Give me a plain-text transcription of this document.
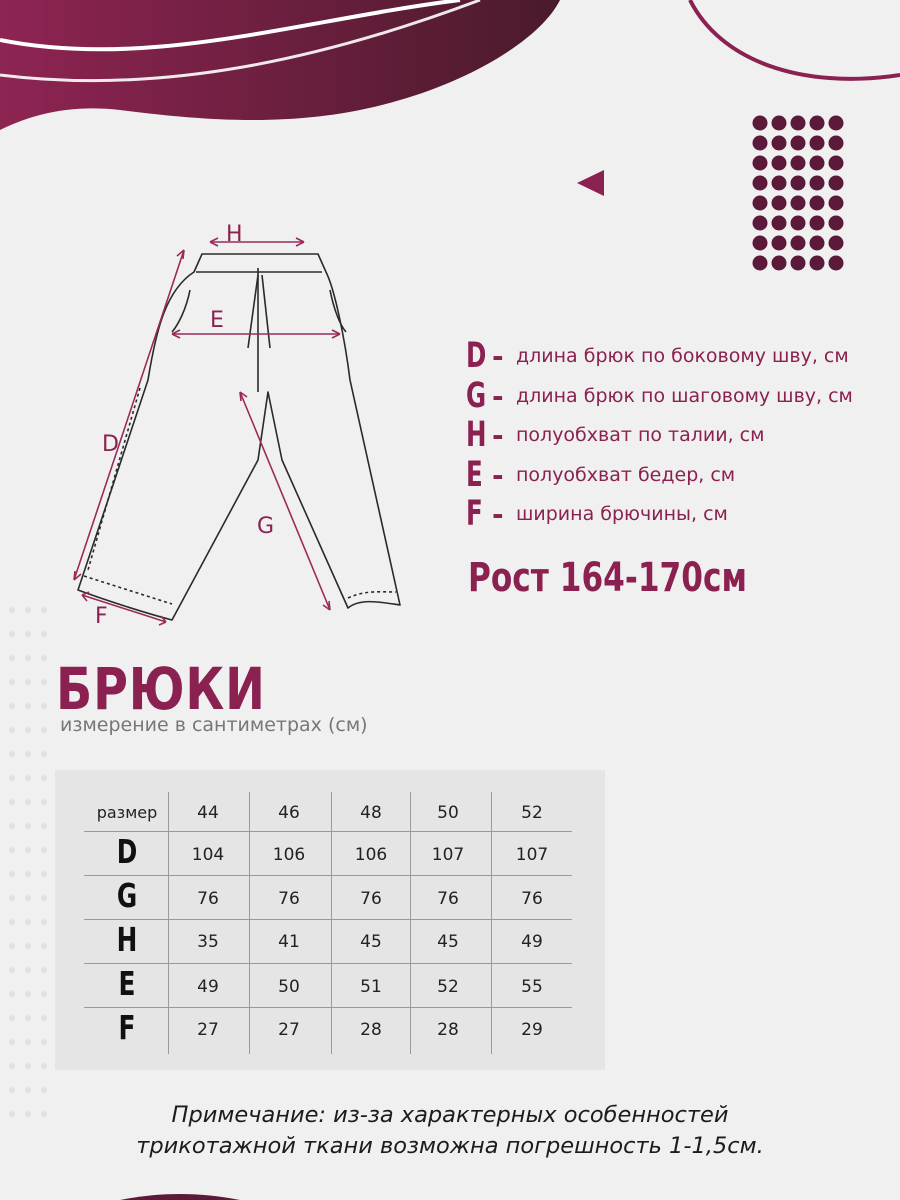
H
E
D
G
F
D - длина брюк по боковому шву, см
G - длина брюк по шаговому шву, см
H - полуобхват по талии, см
E - полуобхват бедер, см
F - ширина брючины, см
Рост 164-170см
БРЮКИ
измерение в сантиметрах (см)
размер	44	46	48	50	52
D	104	106	106	107	107
G	76	76	76	76	76
H	35	41	45	45	49
E	49	50	51	52	55
F	27	27	28	28	29
Примечание: из-за характерных особенностей
трикотажной ткани возможна погрешность 1-1,5см.
